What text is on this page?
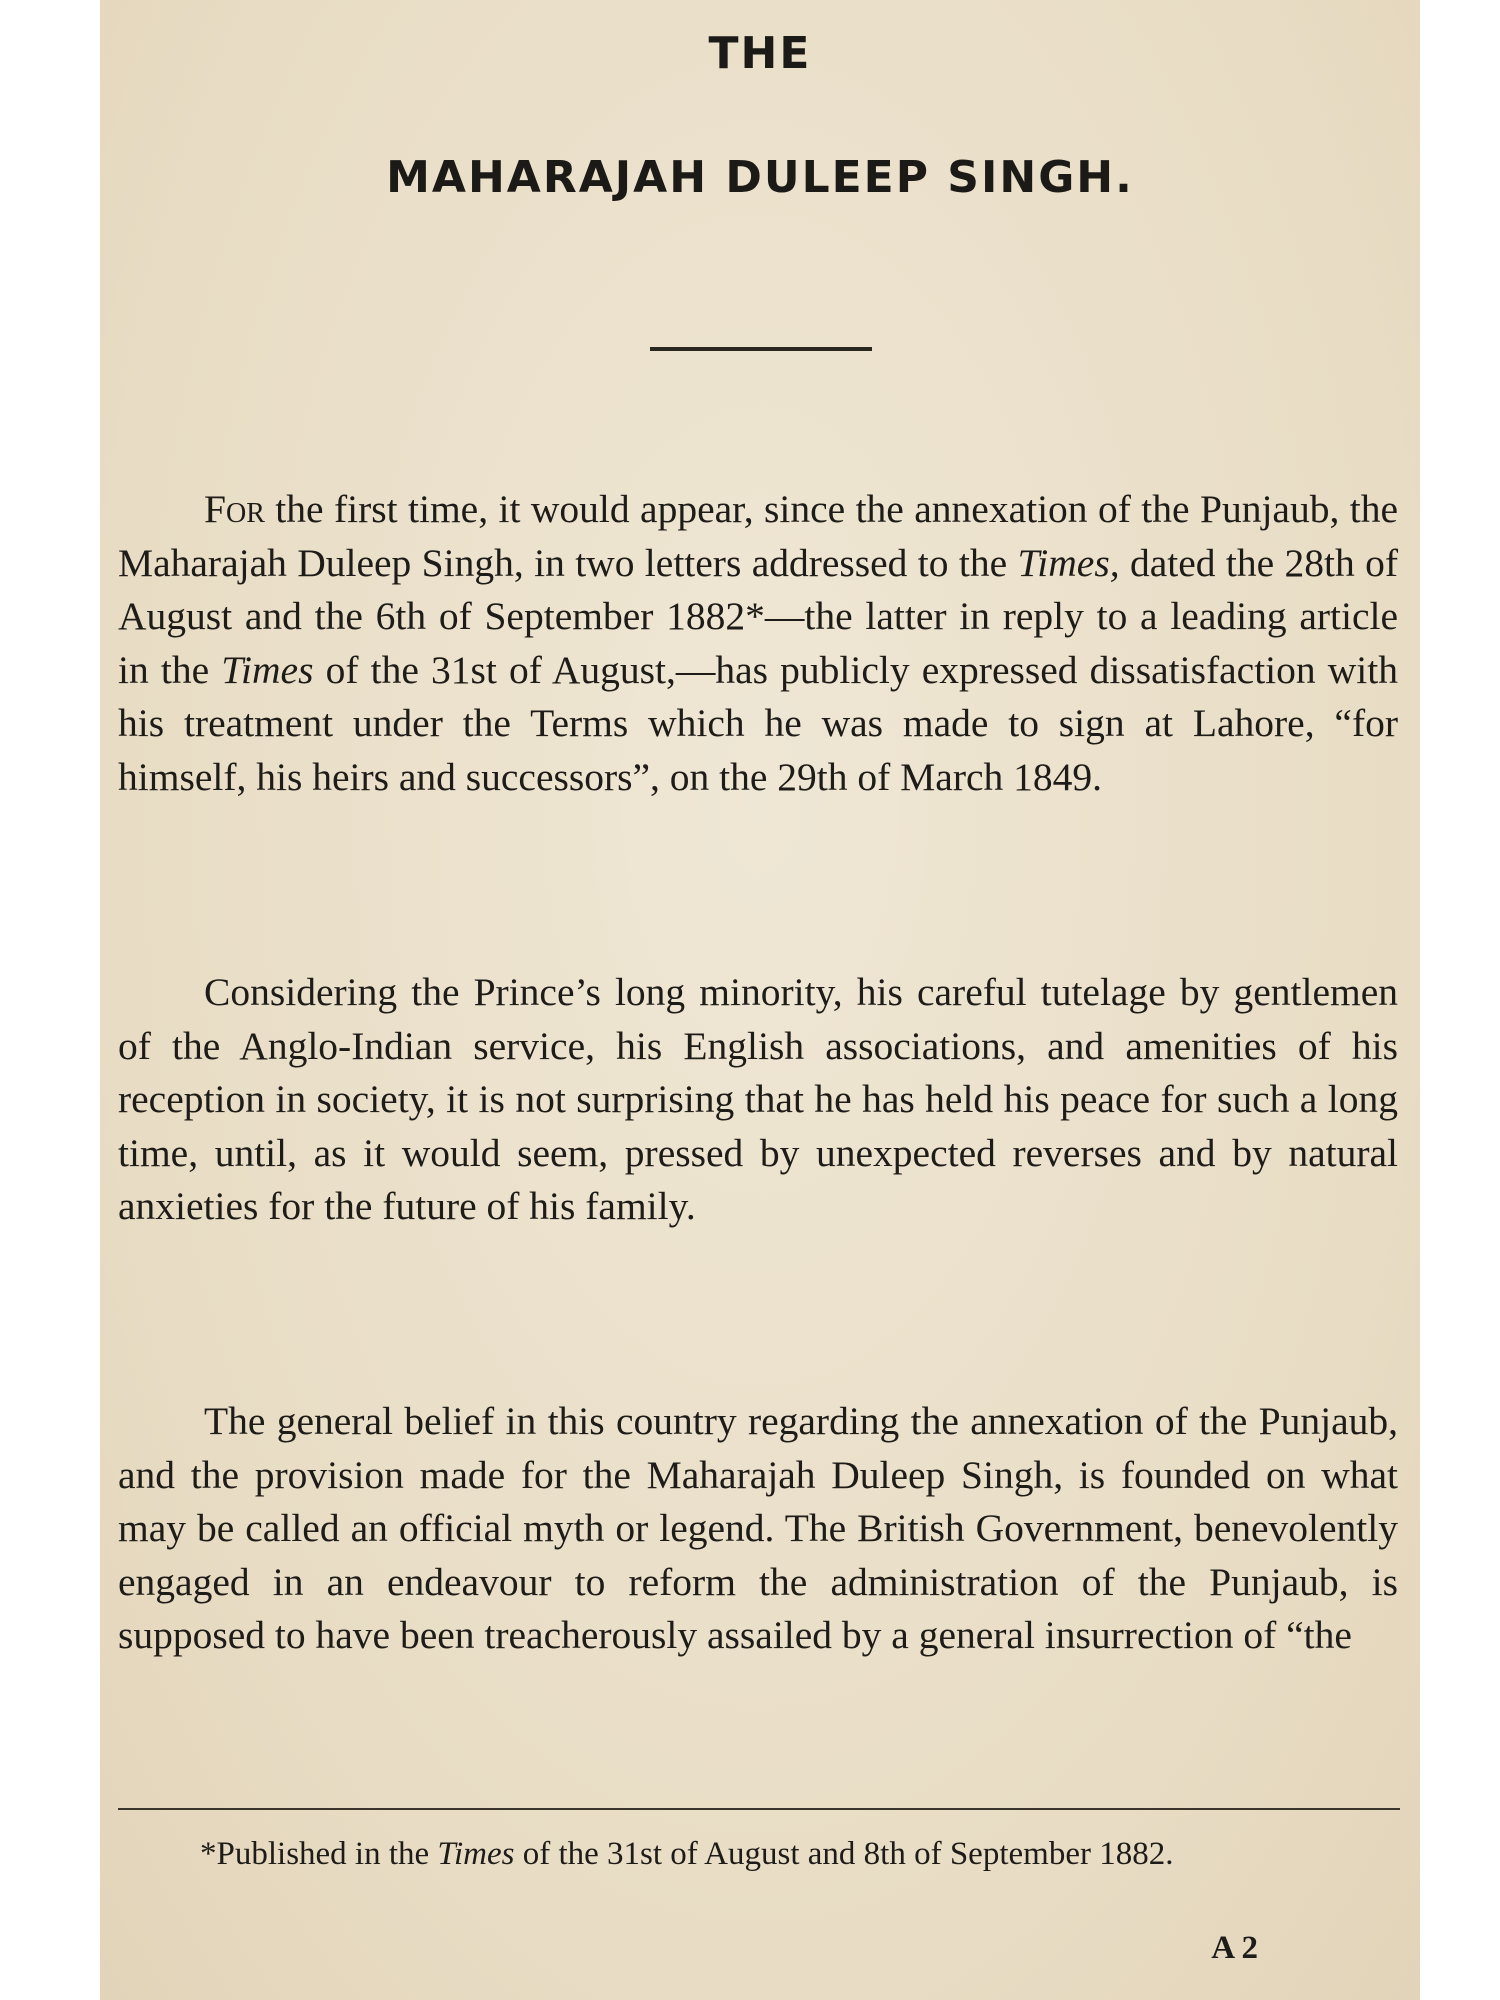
THE
MAHARAJAH DULEEP SINGH.

For the first time, it would appear, since the annexation of the Punjaub, the Maharajah Duleep Singh, in two letters addressed to the Times, dated the 28th of August and the 6th of September 1882*—the latter in reply to a leading article in the Times of the 31st of August,—has publicly expressed dissatisfaction with his treatment under the Terms which he was made to sign at Lahore, “for himself, his heirs and successors”, on the 29th of March 1849.

Considering the Prince’s long minority, his careful tutelage by gentlemen of the Anglo-Indian service, his English associations, and amenities of his reception in society, it is not surprising that he has held his peace for such a long time, until, as it would seem, pressed by unexpected reverses and by natural anxieties for the future of his family.

The general belief in this country regarding the annexation of the Punjaub, and the provision made for the Maharajah Duleep Singh, is founded on what may be called an official myth or legend. The British Government, benevolently engaged in an endeavour to reform the administration of the Punjaub, is supposed to have been treacherously assailed by a general insurrection of “the

*Published in the Times of the 31st of August and 8th of September 1882.

A 2
